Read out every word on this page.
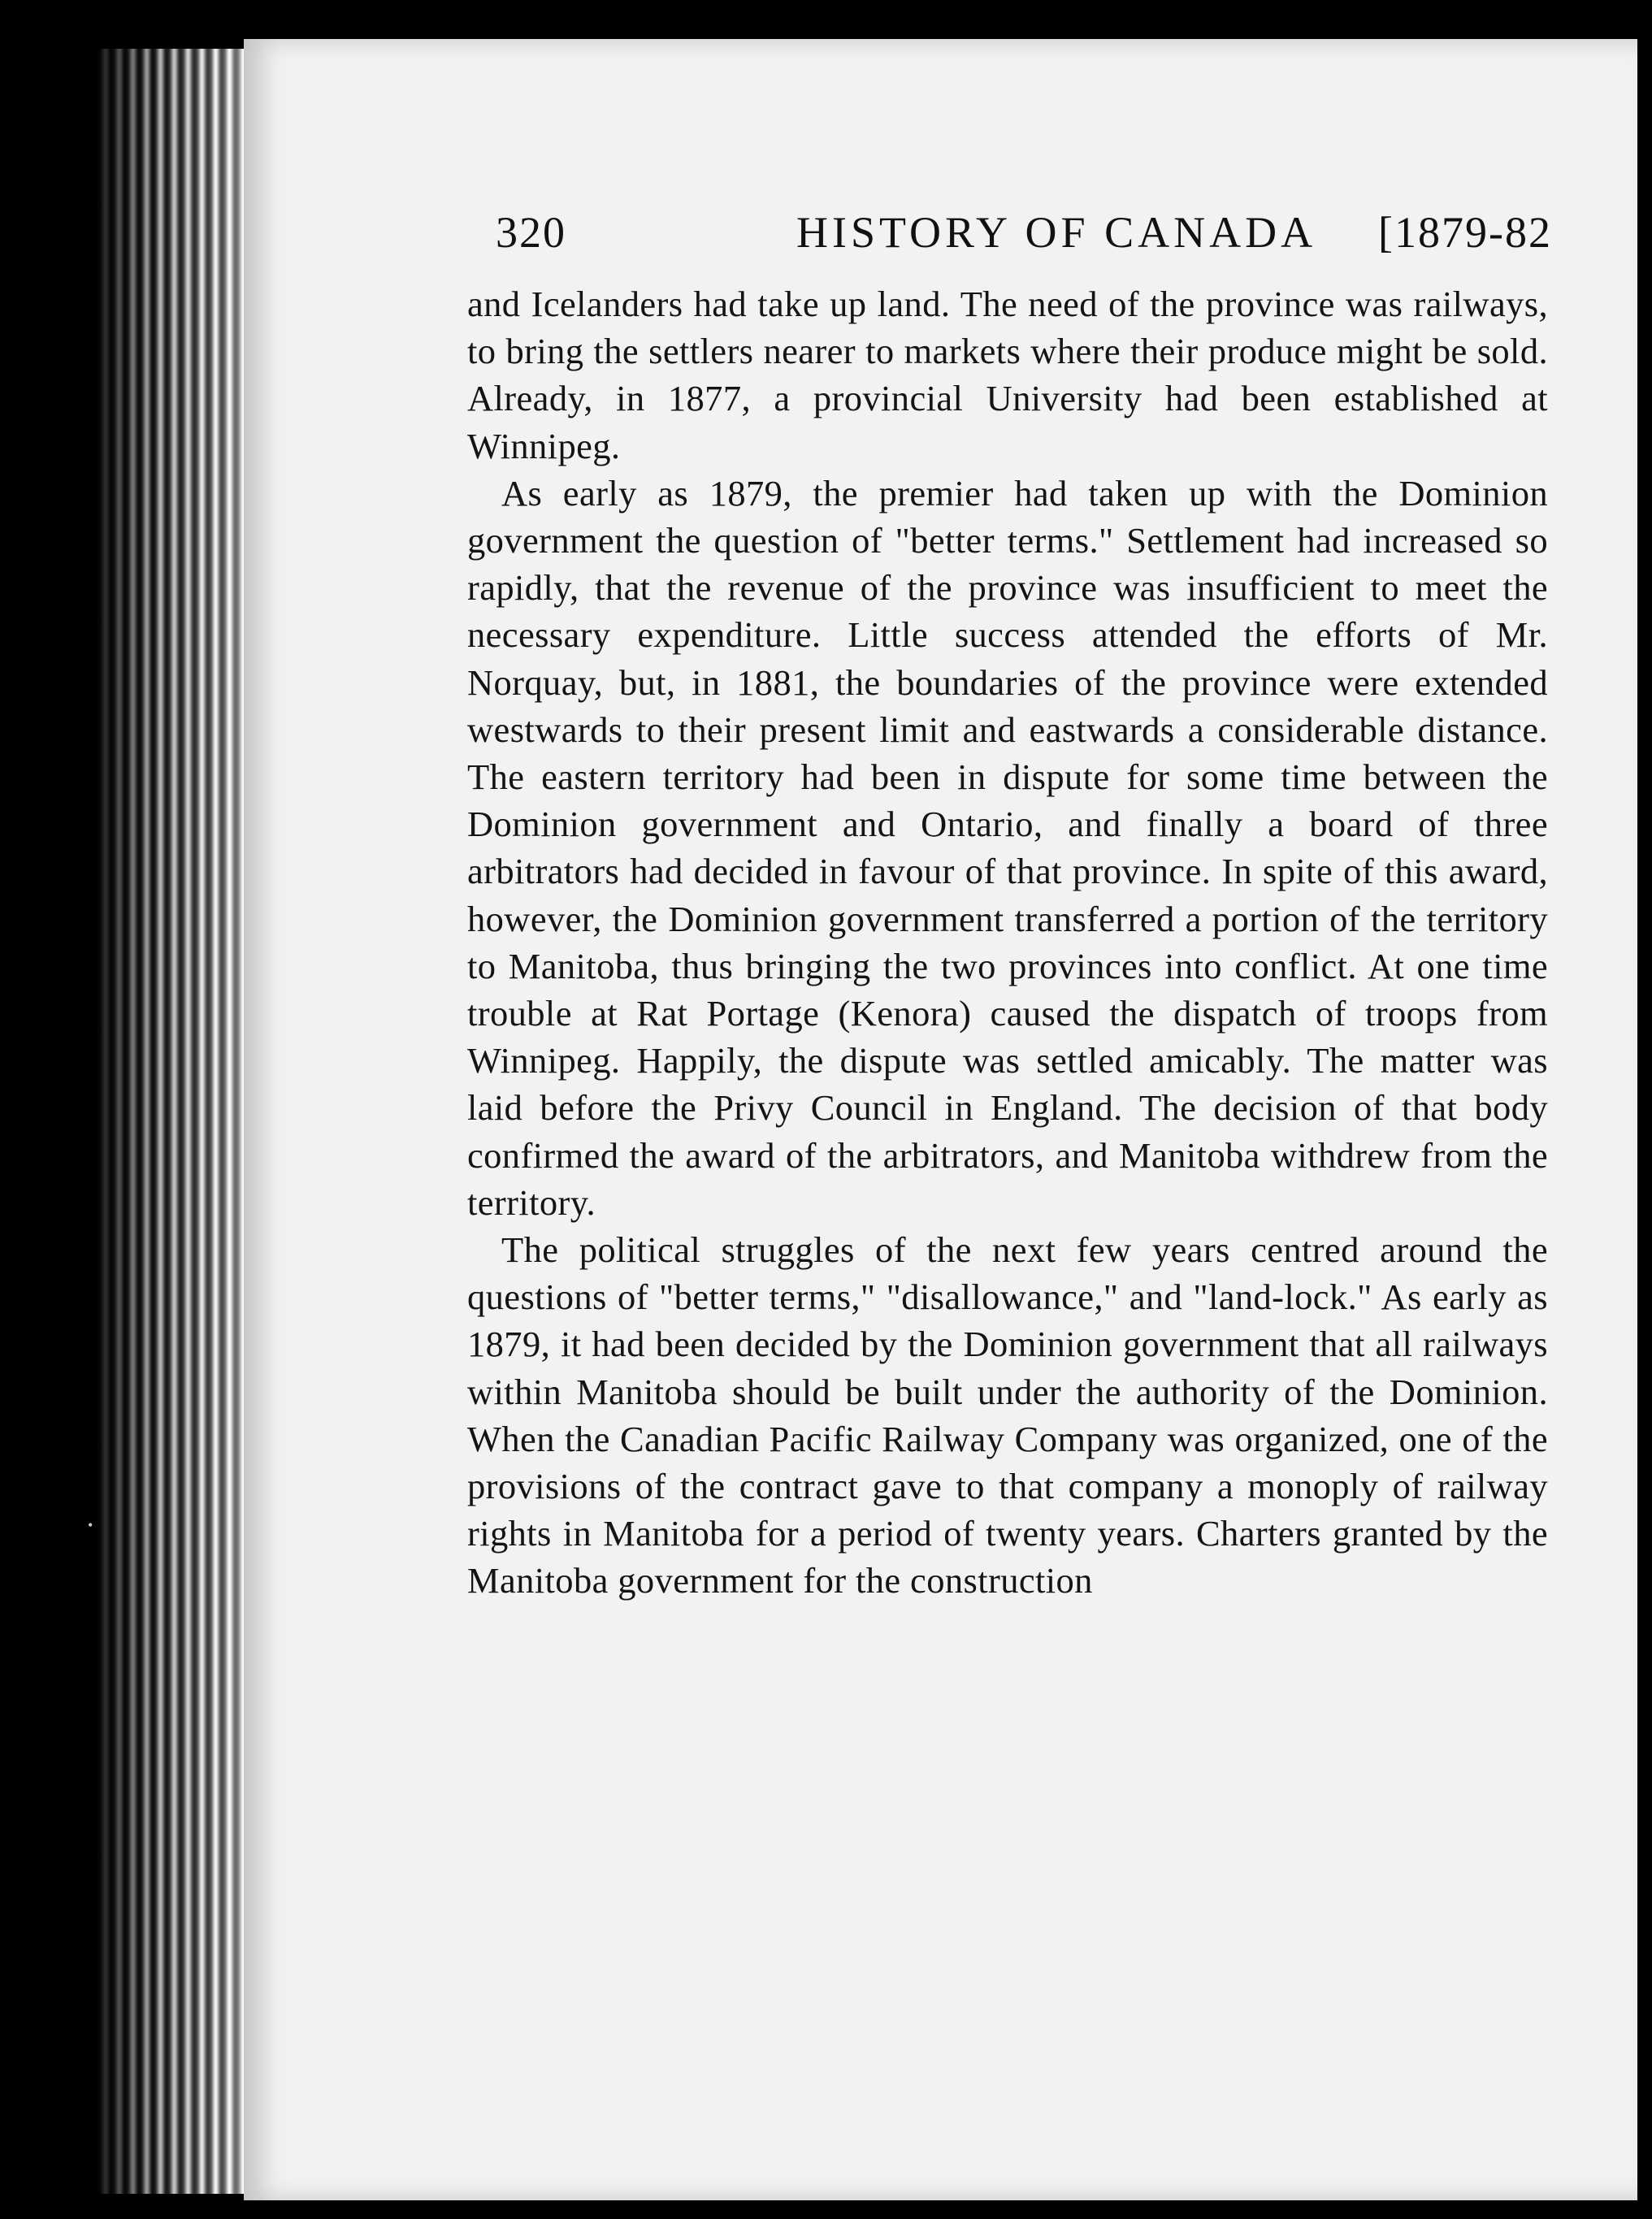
•
320	HISTORY OF CANADA [1879-82

and Icelanders had take up land. The need of the province was railways, to bring the settlers nearer to markets where their produce might be sold. Already, in 1877, a provincial University had been established at Winnipeg.

As early as 1879, the premier had taken up with the Dominion government the question of "better terms." Settlement had increased so rapidly, that the revenue of the province was insufficient to meet the necessary expenditure. Little success attended the efforts of Mr. Norquay, but, in 1881, the boundaries of the province were extended westwards to their present limit and eastwards a considerable distance. The eastern territory had been in dispute for some time between the Dominion government and Ontario, and finally a board of three arbitrators had decided in favour of that province. In spite of this award, however, the Dominion government transferred a portion of the territory to Manitoba, thus bringing the two provinces into conflict. At one time trouble at Rat Portage (Kenora) caused the dispatch of troops from Winnipeg. Happily, the dispute was settled amicably. The matter was laid before the Privy Council in England. The decision of that body confirmed the award of the arbitrators, and Manitoba withdrew from the territory.

The political struggles of the next few years centred around the questions of "better terms," "disallowance," and "land-lock." As early as 1879, it had been decided by the Dominion government that all railways within Manitoba should be built under the authority of the Dominion. When the Canadian Pacific Railway Company was organized, one of the provisions of the contract gave to that company a monoply of railway rights in Manitoba for a period of twenty years. Charters granted by the Manitoba government for the construction
